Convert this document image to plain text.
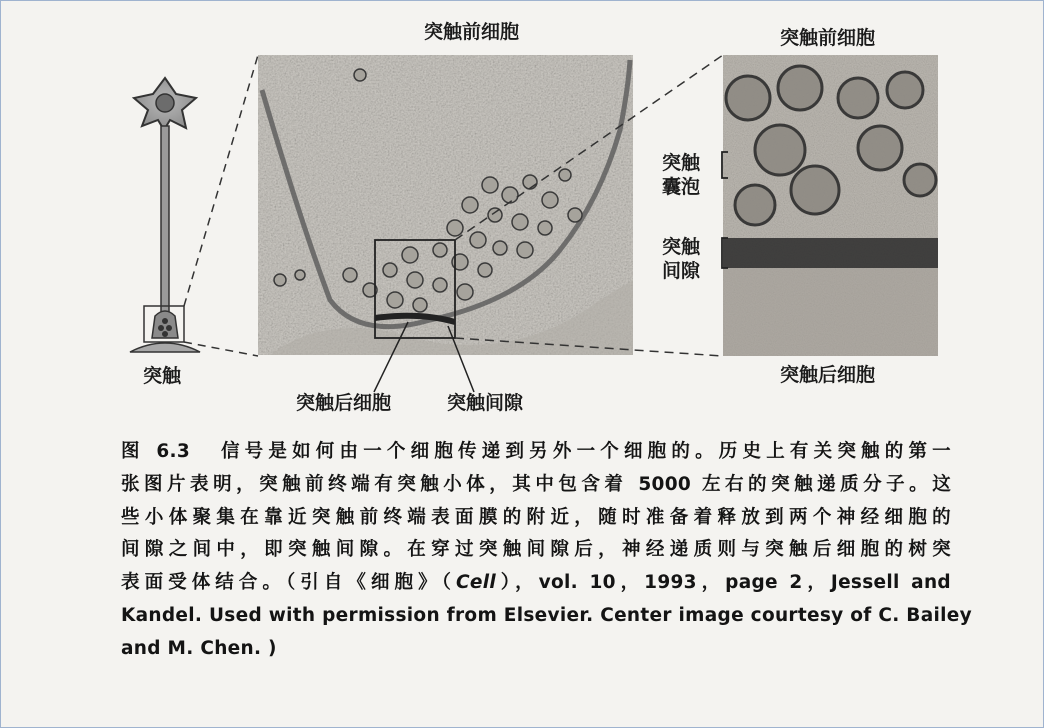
突触前细胞	突触前细胞
突触
囊泡
突触
间隙
突触后细胞
突触
突触后细胞	突触间隙
图 6.3 信号是如何由一个细胞传递到另外一个细胞的。历史上有关突触的第一
张图片表明，突触前终端有突触小体，其中包含着 5000 左右的突触递质分子。这
些小体聚集在靠近突触前终端表面膜的附近，随时准备着释放到两个神经细胞的
间隙之间中，即突触间隙。在穿过突触间隙后，神经递质则与突触后细胞的树突
表面受体结合。（引自《细胞》（Cell），vol. 10，1993，page 2，Jessell and
Kandel. Used with permission from Elsevier. Center image courtesy of C. Bailey
and M. Chen. )
